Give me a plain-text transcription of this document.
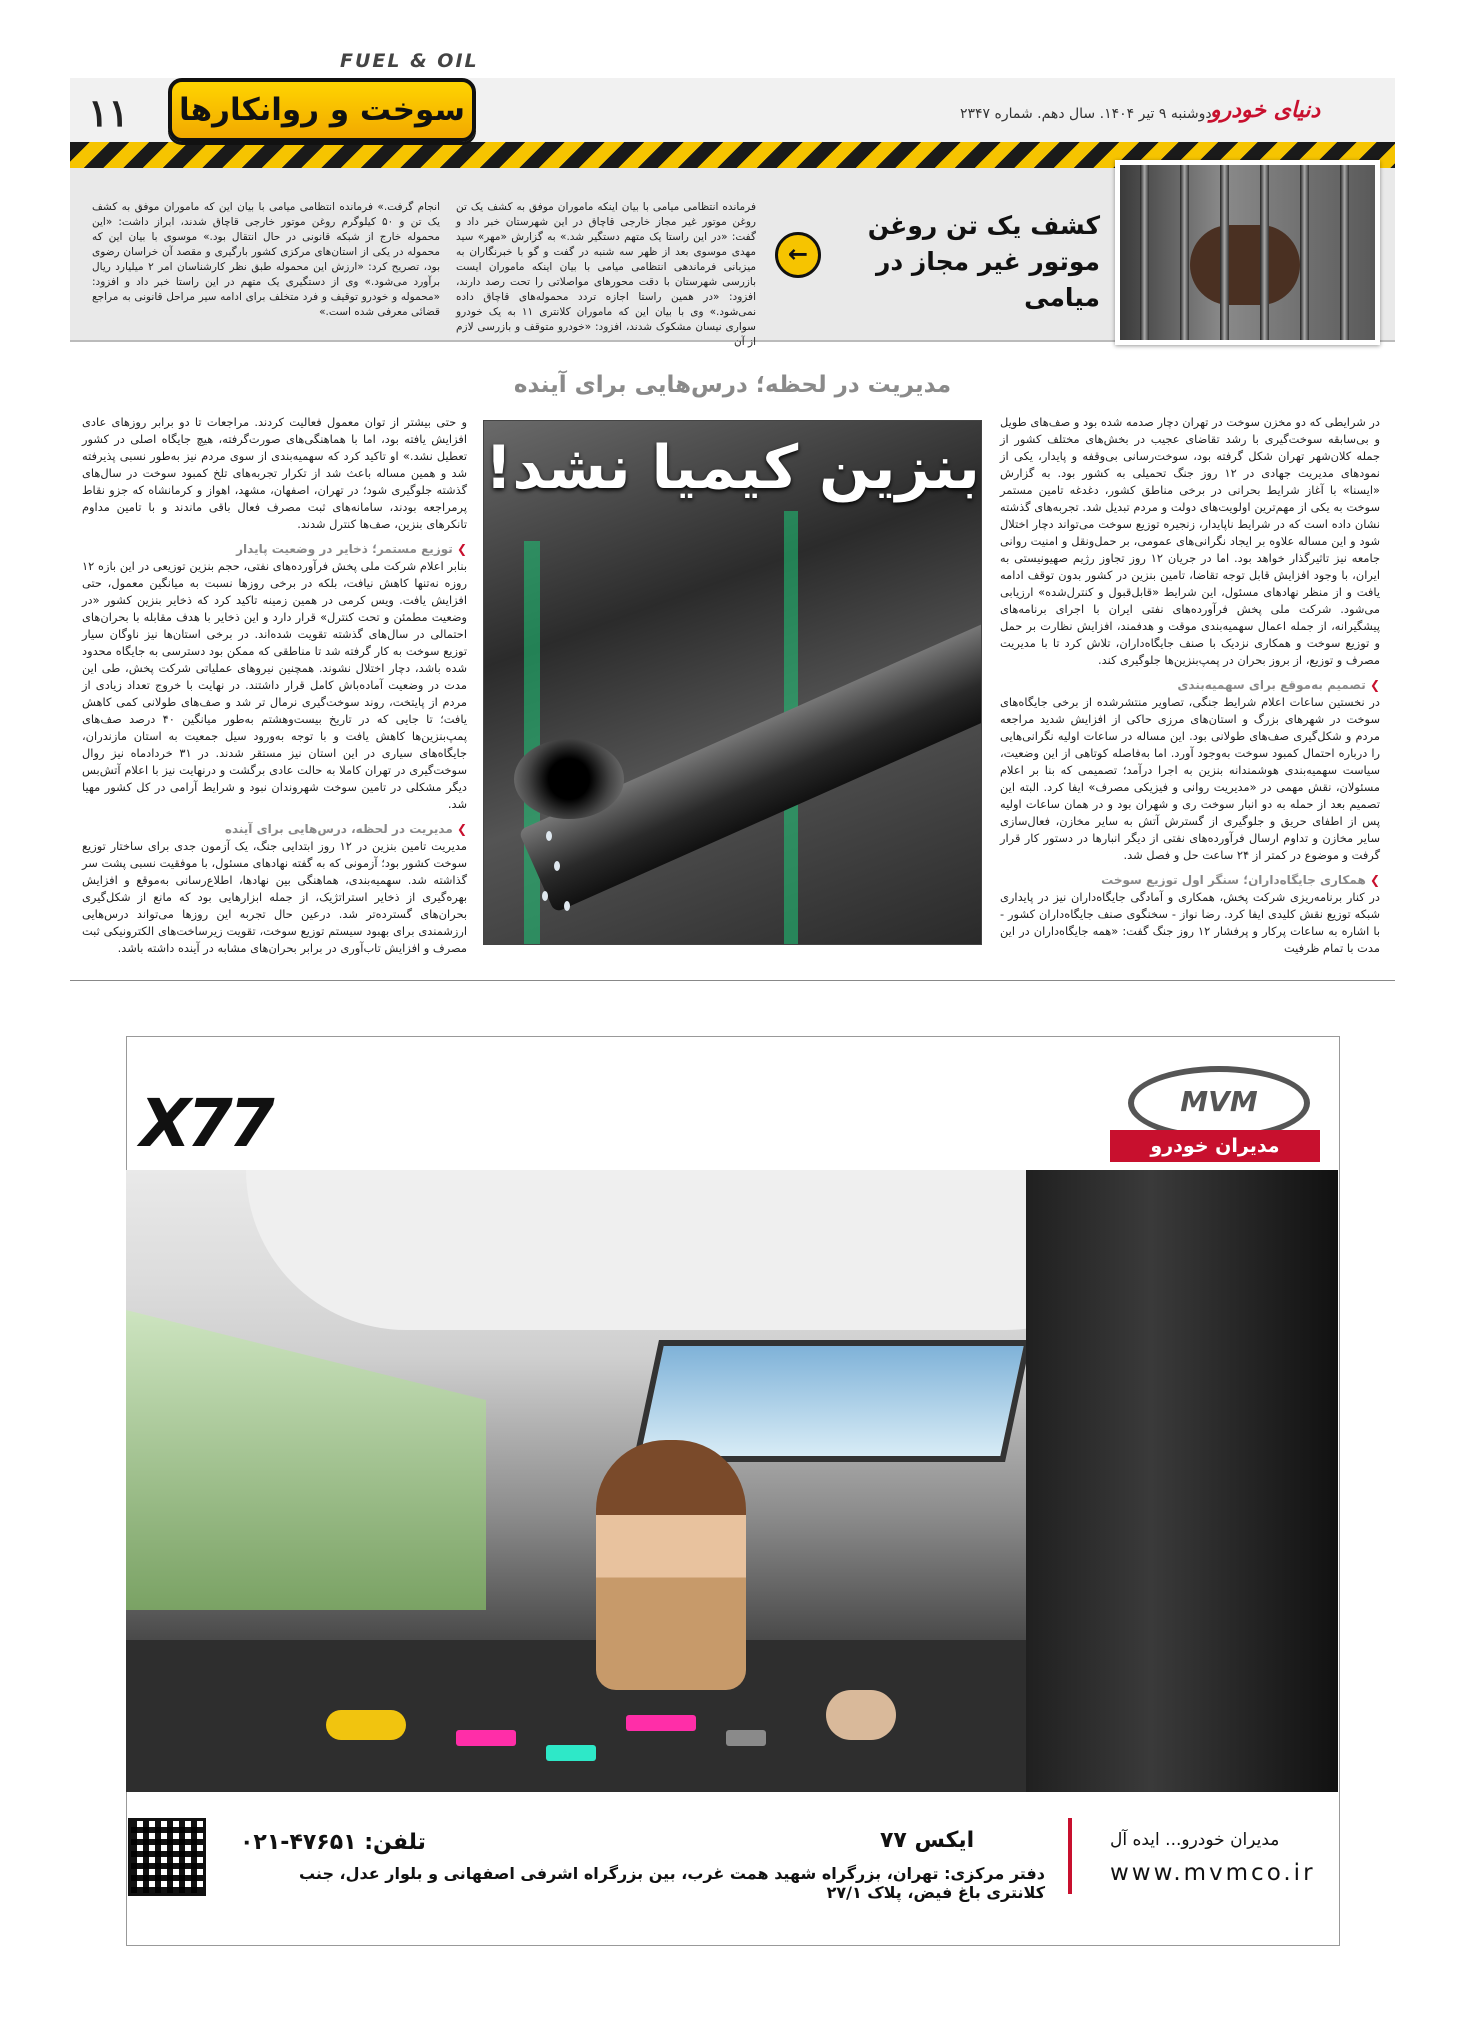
۱۱
FUEL & OIL
سوخت و روانکارها	دوشنبه ۹ تیر ۱۴۰۴. سال دهم. شماره ۲۳۴۷
دنیای خودرو
کشف یک تن روغن موتور غیر مجاز در میامی
←
فرمانده انتظامی میامی با بیان اینکه ماموران موفق به کشف یک تن روغن موتور غیر مجاز خارجی قاچاق در این شهرستان خبر داد و گفت: «در این راستا یک متهم دستگیر شد.» به گزارش «مهر» سید مهدی موسوی بعد از ظهر سه شنبه در گفت و گو با خبرنگاران به میزبانی فرماندهی انتظامی میامی با بیان اینکه ماموران ایست بازرسی شهرستان با دقت محورهای مواصلاتی را تحت رصد دارند، افزود: «در همین راستا اجازه تردد محموله‌های قاچاق داده نمی‌شود.» وی با بیان این که ماموران کلانتری ۱۱ به یک خودرو سواری نیسان مشکوک شدند، افزود: «خودرو متوقف و بازرسی لازم از آن
انجام گرفت.» فرمانده انتظامی میامی با بیان این که ماموران موفق به کشف یک تن و ۵۰ کیلوگرم روغن موتور خارجی قاچاق شدند، ابراز داشت: «این محموله خارج از شبکه قانونی در حال انتقال بود.» موسوی با بیان این که محموله در یکی از استان‌های مرکزی کشور بارگیری و مقصد آن خراسان رضوی بود، تصریح کرد: «ارزش این محموله طبق نظر کارشناسان امر ۲ میلیارد ریال برآورد می‌شود.» وی از دستگیری یک متهم در این راستا خبر داد و افزود: «محموله و خودرو توقیف و فرد متخلف برای ادامه سیر مراحل قانونی به مراجع قضائی معرفی شده است.»
مدیریت در لحظه؛ درس‌هایی برای آینده
در شرایطی که دو مخزن سوخت در تهران دچار صدمه شده بود و صف‌های طویل و بی‌سابقه سوخت‌گیری با رشد تقاضای عجیب در بخش‌های مختلف کشور از جمله کلان‌شهر تهران شکل گرفته بود، سوخت‌رسانی بی‌وقفه و پایدار، یکی از نمودهای مدیریت جهادی در ۱۲ روز جنگ تحمیلی به کشور بود. به گزارش «ایسنا» با آغاز شرایط بحرانی در برخی مناطق کشور، دغدغه تامین مستمر سوخت به یکی از مهم‌ترین اولویت‌های دولت و مردم تبدیل شد. تجربه‌های گذشته نشان داده است که در شرایط ناپایدار، زنجیره توزیع سوخت می‌تواند دچار اختلال شود و این مساله علاوه بر ایجاد نگرانی‌های عمومی، بر حمل‌ونقل و امنیت روانی جامعه نیز تاثیرگذار خواهد بود. اما در جریان ۱۲ روز تجاوز رژیم صهیونیستی به ایران، با وجود افزایش قابل توجه تقاضا، تامین بنزین در کشور بدون توقف ادامه یافت و از منظر نهادهای مسئول، این شرایط «قابل‌قبول و کنترل‌شده» ارزیابی می‌شود. شرکت ملی پخش فرآورده‌های نفتی ایران با اجرای برنامه‌های پیشگیرانه، از جمله اعمال سهمیه‌بندی موقت و هدفمند، افزایش نظارت بر حمل و توزیع سوخت و همکاری نزدیک با صنف جایگاه‌داران، تلاش کرد تا با مدیریت مصرف و توزیع، از بروز بحران در پمپ‌بنزین‌ها جلوگیری کند.
❯ تصمیم به‌موقع برای سهمیه‌بندی
در نخستین ساعات اعلام شرایط جنگی، تصاویر منتشرشده از برخی جایگاه‌های سوخت در شهرهای بزرگ و استان‌های مرزی حاکی از افزایش شدید مراجعه مردم و شکل‌گیری صف‌های طولانی بود. این مساله در ساعات اولیه نگرانی‌هایی را درباره احتمال کمبود سوخت به‌وجود آورد. اما به‌فاصله کوتاهی از این وضعیت، سیاست سهمیه‌بندی هوشمندانه بنزین به اجرا درآمد؛ تصمیمی که بنا بر اعلام مسئولان، نقش مهمی در «مدیریت روانی و فیزیکی مصرف» ایفا کرد. البته این تصمیم بعد از حمله به دو انبار سوخت ری و شهران بود و در همان ساعات اولیه پس از اطفای حریق و جلوگیری از گسترش آتش به سایر مخازن، فعال‌سازی سایر مخازن و تداوم ارسال فرآورده‌های نفتی از دیگر انبارها در دستور کار قرار گرفت و موضوع در کمتر از ۲۴ ساعت حل و فصل شد.
❯ همکاری جایگاه‌داران؛ سنگر اول توزیع سوخت
در کنار برنامه‌ریزی شرکت پخش، همکاری و آمادگی جایگاه‌داران نیز در پایداری شبکه توزیع نقش کلیدی ایفا کرد. رضا نواز - سخنگوی صنف جایگاه‌داران کشور - با اشاره به ساعات پرکار و پرفشار ۱۲ روز جنگ گفت: «همه جایگاه‌داران در این مدت با تمام ظرفیت
بنزین کیمیا نشد!
و حتی بیشتر از توان معمول فعالیت کردند. مراجعات تا دو برابر روزهای عادی افزایش یافته بود، اما با هماهنگی‌های صورت‌گرفته، هیچ جایگاه اصلی در کشور تعطیل نشد.» او تاکید کرد که سهمیه‌بندی از سوی مردم نیز به‌طور نسبی پذیرفته شد و همین مساله باعث شد از تکرار تجربه‌های تلخ کمبود سوخت در سال‌های گذشته جلوگیری شود؛ در تهران، اصفهان، مشهد، اهواز و کرمانشاه که جزو نقاط پرمراجعه بودند، سامانه‌های ثبت مصرف فعال باقی ماندند و با تامین مداوم تانکرهای بنزین، صف‌ها کنترل شدند.
❯ توزیع مستمر؛ ذخایر در وضعیت پایدار
بنابر اعلام شرکت ملی پخش فرآورده‌های نفتی، حجم بنزین توزیعی در این بازه ۱۲ روزه نه‌تنها کاهش نیافت، بلکه در برخی روزها نسبت به میانگین معمول، حتی افزایش یافت. ویس کرمی در همین زمینه تاکید کرد که ذخایر بنزین کشور «در وضعیت مطمئن و تحت کنترل» قرار دارد و این ذخایر با هدف مقابله با بحران‌های احتمالی در سال‌های گذشته تقویت شده‌اند. در برخی استان‌ها نیز ناوگان سیار توزیع سوخت به کار گرفته شد تا مناطقی که ممکن بود دسترسی به جایگاه محدود شده باشد، دچار اختلال نشوند. همچنین نیروهای عملیاتی شرکت پخش، طی این مدت در وضعیت آماده‌باش کامل قرار داشتند. در نهایت با خروج تعداد زیادی از مردم از پایتخت، روند سوخت‌گیری نرمال تر شد و صف‌های طولانی کمی کاهش یافت؛ تا جایی که در تاریخ بیست‌وهشتم به‌طور میانگین ۴۰ درصد صف‌های پمپ‌بنزین‌ها کاهش یافت و با توجه به‌ورود سیل جمعیت به استان مازندران، جایگاه‌های سیاری در این استان نیز مستقر شدند. در ۳۱ خرداد‌ماه نیز روال سوخت‌گیری در تهران کاملا به حالت عادی برگشت و درنهایت نیز با اعلام آتش‌بس دیگر مشکلی در تامین سوخت شهروندان نبود و شرایط آرامی در کل کشور مهیا شد.
❯ مدیریت در لحظه، درس‌هایی برای آینده
مدیریت تامین بنزین در ۱۲ روز ابتدایی جنگ، یک آزمون جدی برای ساختار توزیع سوخت کشور بود؛ آزمونی که به گفته نهادهای مسئول، با موفقیت نسبی پشت سر گذاشته شد. سهمیه‌بندی، هماهنگی بین نهادها، اطلاع‌رسانی به‌موقع و افزایش بهره‌گیری از ذخایر استراتژیک، از جمله ابزارهایی بود که مانع از شکل‌گیری بحران‌های گسترده‌تر شد. درعین حال تجربه این روزها می‌تواند درس‌هایی ارزشمندی برای بهبود سیستم توزیع سوخت، تقویت زیرساخت‌های الکترونیکی ثبت مصرف و افزایش تاب‌آوری در برابر بحران‌های مشابه در آینده داشته باشد.
X77	MVM
مدیران خودرو
تلفن: ۴۷۶۵۱-۰۲۱	ایکس ۷۷
دفتر مرکزی: تهران، بزرگراه شهید همت غرب، بین بزرگراه اشرفی اصفهانی و بلوار عدل، جنب کلانتری باغ فیض، پلاک ۲۷/۱
مدیران خودرو... ایده آل
www.mvmco.ir
